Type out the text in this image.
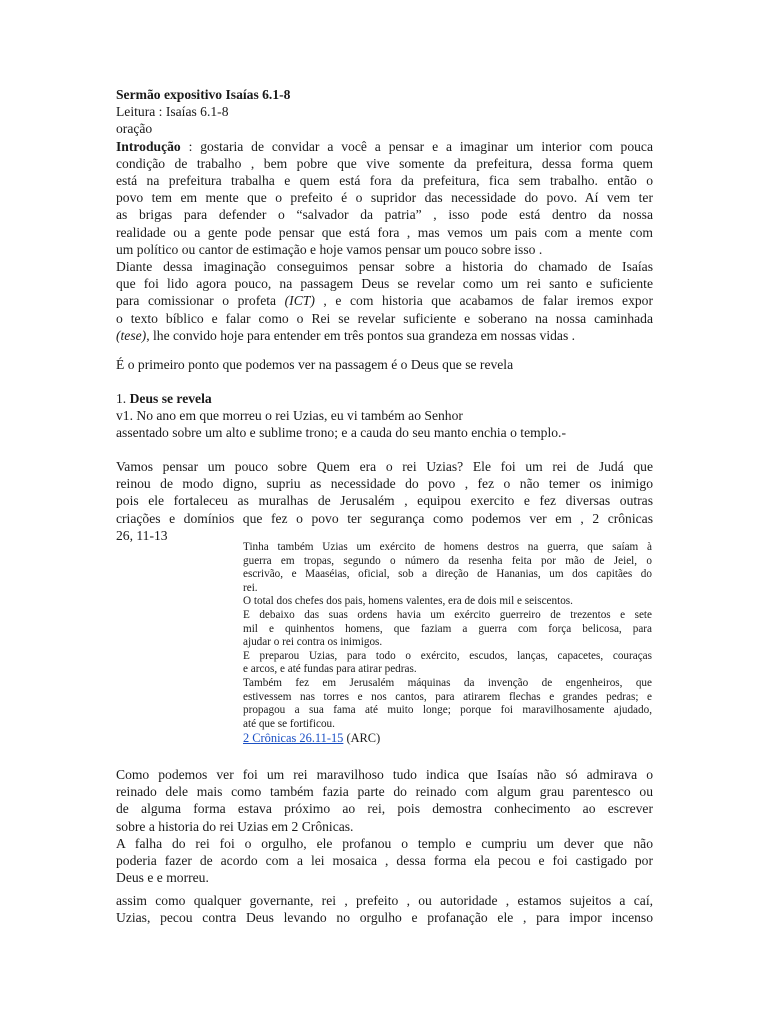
Sermão expositivo Isaías 6.1-8
Leitura : Isaías 6.1-8
oração
Introdução : gostaria de convidar a você a pensar e a imaginar um interior com pouca
condição de trabalho , bem pobre que vive somente da prefeitura, dessa forma quem
está na prefeitura trabalha e quem está fora da prefeitura, fica sem trabalho. então o
povo tem em mente que o prefeito é o supridor das necessidade do povo. Aí vem ter
as brigas para defender o “salvador da patria” , isso pode está dentro da nossa
realidade ou a gente pode pensar que está fora , mas vemos um pais com a mente com
um político ou cantor de estimação e hoje vamos pensar um pouco sobre isso .
Diante dessa imaginação conseguimos pensar sobre a historia do chamado de Isaías
que foi lido agora pouco, na passagem Deus se revelar como um rei santo e suficiente
para comissionar o profeta (ICT) , e com historia que acabamos de falar iremos expor
o texto bíblico e falar como o Rei se revelar suficiente e soberano na nossa caminhada
(tese), lhe convido hoje para entender em três pontos sua grandeza em nossas vidas .
É o primeiro ponto que podemos ver na passagem é o Deus que se revela
1. Deus se revela
v1. No ano em que morreu o rei Uzias, eu vi também ao Senhor
assentado sobre um alto e sublime trono; e a cauda do seu manto enchia o templo.-
Vamos pensar um pouco sobre Quem era o rei Uzias? Ele foi um rei de Judá que
reinou de modo digno, supriu as necessidade do povo , fez o não temer os inimigo
pois ele fortaleceu as muralhas de Jerusalém , equipou exercito e fez diversas outras
criações e domínios que fez o povo ter segurança como podemos ver em , 2 crônicas
26, 11-13
Tinha também Uzias um exército de homens destros na guerra, que saíam à
guerra em tropas, segundo o número da resenha feita por mão de Jeiel, o
escrivão, e Maaséias, oficial, sob a direção de Hananias, um dos capitães do
rei.
O total dos chefes dos pais, homens valentes, era de dois mil e seiscentos.
E debaixo das suas ordens havia um exército guerreiro de trezentos e sete
mil e quinhentos homens, que faziam a guerra com força belicosa, para
ajudar o rei contra os inimigos.
E preparou Uzias, para todo o exército, escudos, lanças, capacetes, couraças
e arcos, e até fundas para atirar pedras.
Também fez em Jerusalém máquinas da invenção de engenheiros, que
estivessem nas torres e nos cantos, para atirarem flechas e grandes pedras; e
propagou a sua fama até muito longe; porque foi maravilhosamente ajudado,
até que se fortificou.
2 Crônicas 26.11-15 (ARC)
Como podemos ver foi um rei maravilhoso tudo indica que Isaías não só admirava o
reinado dele mais como também fazia parte do reinado com algum grau parentesco ou
de alguma forma estava próximo ao rei, pois demostra conhecimento ao escrever
sobre a historia do rei Uzias em 2 Crônicas.
A falha do rei foi o orgulho, ele profanou o templo e cumpriu um dever que não
poderia fazer de acordo com a lei mosaica , dessa forma ela pecou e foi castigado por
Deus e e morreu.
assim como qualquer governante, rei , prefeito , ou autoridade , estamos sujeitos a caí,
Uzias, pecou contra Deus levando no orgulho e profanação ele , para impor incenso
